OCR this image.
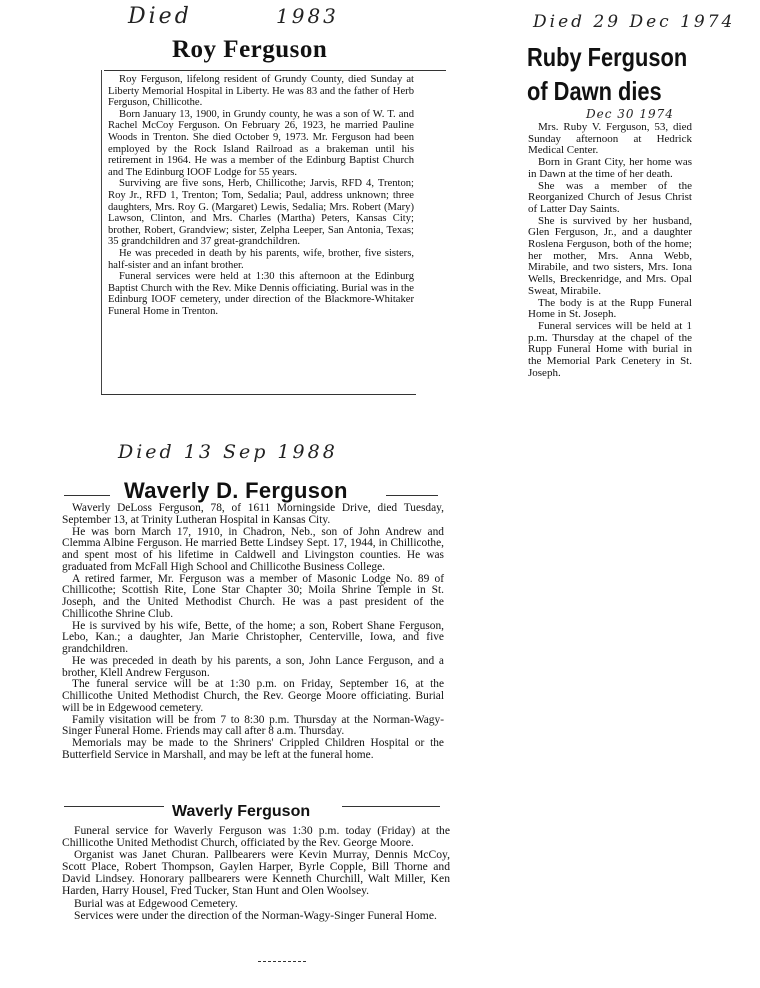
Died	1983	Died 29 Dec 1974
Dec 30 1974
Died 13 Sep 1988
Roy Ferguson

Roy Ferguson, lifelong resident of Grundy County, died Sunday at Liberty Memorial Hospital in Liberty. He was 83 and the father of Herb Ferguson, Chillicothe.

Born January 13, 1900, in Grundy county, he was a son of W. T. and Rachel McCoy Ferguson. On February 26, 1923, he married Pauline Woods in Trenton. She died October 9, 1973. Mr. Ferguson had been employed by the Rock Island Railroad as a brakeman until his retirement in 1964. He was a member of the Edinburg Baptist Church and The Edinburg IOOF Lodge for 55 years.

Surviving are five sons, Herb, Chillicothe; Jarvis, RFD 4, Trenton; Roy Jr., RFD 1, Trenton; Tom, Sedalia; Paul, address unknown; three daughters, Mrs. Roy G. (Margaret) Lewis, Sedalia; Mrs. Robert (Mary) Lawson, Clinton, and Mrs. Charles (Martha) Peters, Kansas City; brother, Robert, Grandview; sister, Zelpha Leeper, San Antonia, Texas; 35 grandchildren and 37 great-grandchildren.

He was preceded in death by his parents, wife, brother, five sisters, half-sister and an infant brother.

Funeral services were held at 1:30 this afternoon at the Edinburg Baptist Church with the Rev. Mike Dennis officiating. Burial was in the Edinburg IOOF cemetery, under direction of the Blackmore-Whitaker Funeral Home in Trenton.

Ruby Ferguson
of Dawn dies

Mrs. Ruby V. Ferguson, 53, died Sunday afternoon at Hedrick Medical Center.

Born in Grant City, her home was in Dawn at the time of her death.

She was a member of the Reorganized Church of Jesus Christ of Latter Day Saints.

She is survived by her husband, Glen Ferguson, Jr., and a daughter Roslena Ferguson, both of the home; her mother, Mrs. Anna Webb, Mirabile, and two sisters, Mrs. Iona Wells, Breckenridge, and Mrs. Opal Sweat, Mirabile.

The body is at the Rupp Funeral Home in St. Joseph.

Funeral services will be held at 1 p.m. Thursday at the chapel of the Rupp Funeral Home with burial in the Memorial Park Cenetery in St. Joseph.

Waverly D. Ferguson

Waverly DeLoss Ferguson, 78, of 1611 Morningside Drive, died Tuesday, September 13, at Trinity Lutheran Hospital in Kansas City.

He was born March 17, 1910, in Chadron, Neb., son of John Andrew and Clemma Albine Ferguson. He married Bette Lindsey Sept. 17, 1944, in Chillicothe, and spent most of his lifetime in Caldwell and Livingston counties. He was graduated from McFall High School and Chillicothe Business College.

A retired farmer, Mr. Ferguson was a member of Masonic Lodge No. 89 of Chillicothe; Scottish Rite, Lone Star Chapter 30; Moila Shrine Temple in St. Joseph, and the United Methodist Church. He was a past president of the Chillicothe Shrine Club.

He is survived by his wife, Bette, of the home; a son, Robert Shane Ferguson, Lebo, Kan.; a daughter, Jan Marie Christopher, Centerville, Iowa, and five grandchildren.

He was preceded in death by his parents, a son, John Lance Ferguson, and a brother, Klell Andrew Ferguson.

The funeral service will be at 1:30 p.m. on Friday, September 16, at the Chillicothe United Methodist Church, the Rev. George Moore officiating. Burial will be in Edgewood cemetery.

Family visitation will be from 7 to 8:30 p.m. Thursday at the Norman-Wagy-Singer Funeral Home. Friends may call after 8 a.m. Thursday.

Memorials may be made to the Shriners' Crippled Children Hospital or the Butterfield Service in Marshall, and may be left at the funeral home.

Waverly Ferguson

Funeral service for Waverly Ferguson was 1:30 p.m. today (Friday) at the Chillicothe United Methodist Church, officiated by the Rev. George Moore.

Organist was Janet Churan. Pallbearers were Kevin Murray, Dennis McCoy, Scott Place, Robert Thompson, Gaylen Harper, Byrle Copple, Bill Thorne and David Lindsey. Honorary pallbearers were Kenneth Churchill, Walt Miller, Ken Harden, Harry Housel, Fred Tucker, Stan Hunt and Olen Woolsey.

Burial was at Edgewood Cemetery.

Services were under the direction of the Norman-Wagy-Singer Funeral Home.
